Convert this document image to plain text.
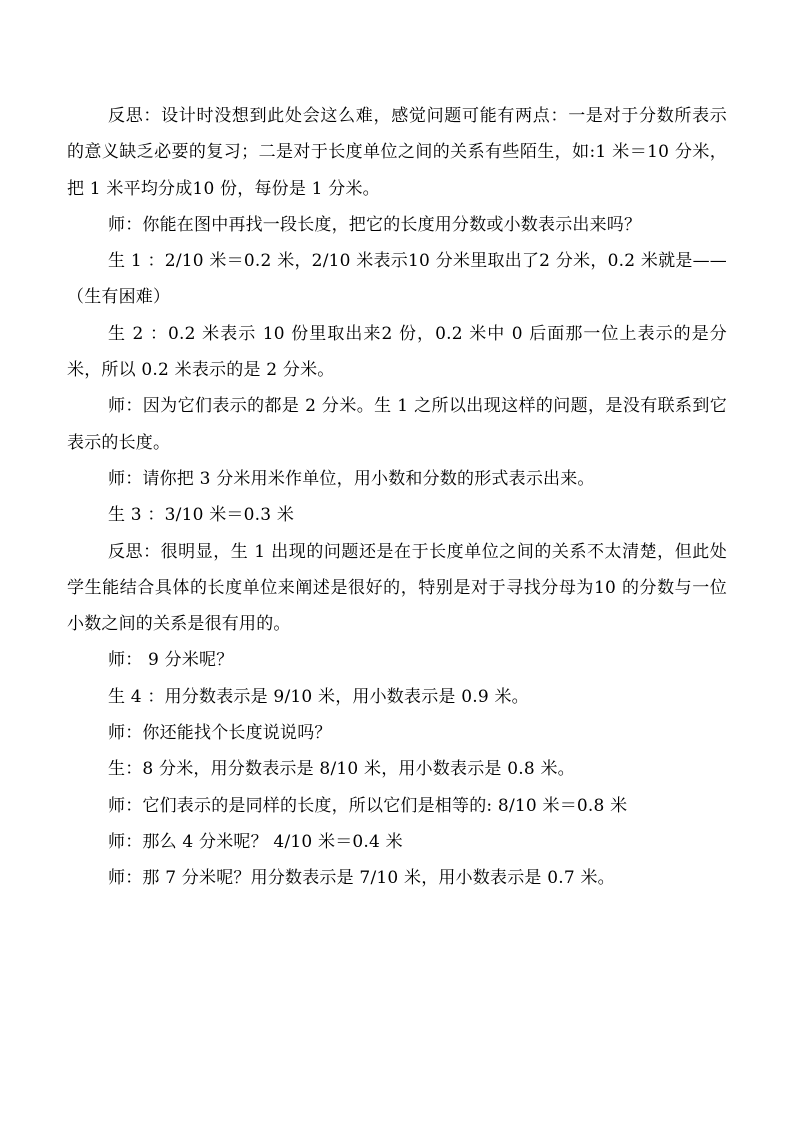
反思：设计时没想到此处会这么难，感觉问题可能有两点：一是对于分数所表示的意义缺乏必要的复习；二是对于长度单位之间的关系有些陌生，如:1 米＝10 分米，把 1 米平均分成10 份，每份是 1 分米。

师：你能在图中再找一段长度，把它的长度用分数或小数表示出来吗？

生 1 ：2/10 米＝0.2 米，2/10 米表示10 分米里取出了2 分米，0.2 米就是——（生有困难）

生 2 ：0.2 米表示 10 份里取出来2 份，0.2 米中 0 后面那一位上表示的是分米，所以 0.2 米表示的是 2 分米。

师：因为它们表示的都是 2 分米。生 1 之所以出现这样的问题，是没有联系到它表示的长度。

师：请你把 3 分米用米作单位，用小数和分数的形式表示出来。

生 3 ：3/10 米＝0.3 米

反思：很明显，生 1 出现的问题还是在于长度单位之间的关系不太清楚，但此处学生能结合具体的长度单位来阐述是很好的，特别是对于寻找分母为10 的分数与一位小数之间的关系是很有用的。

师： 9 分米呢？

生 4 ：用分数表示是 9/10 米，用小数表示是 0.9 米。

师：你还能找个长度说说吗？

生：8 分米，用分数表示是 8/10 米，用小数表示是 0.8 米。

师：它们表示的是同样的长度，所以它们是相等的: 8/10 米＝0.8 米

师：那么 4 分米呢？ 4/10 米＝0.4 米

师：那 7 分米呢？用分数表示是 7/10 米，用小数表示是 0.7 米。
